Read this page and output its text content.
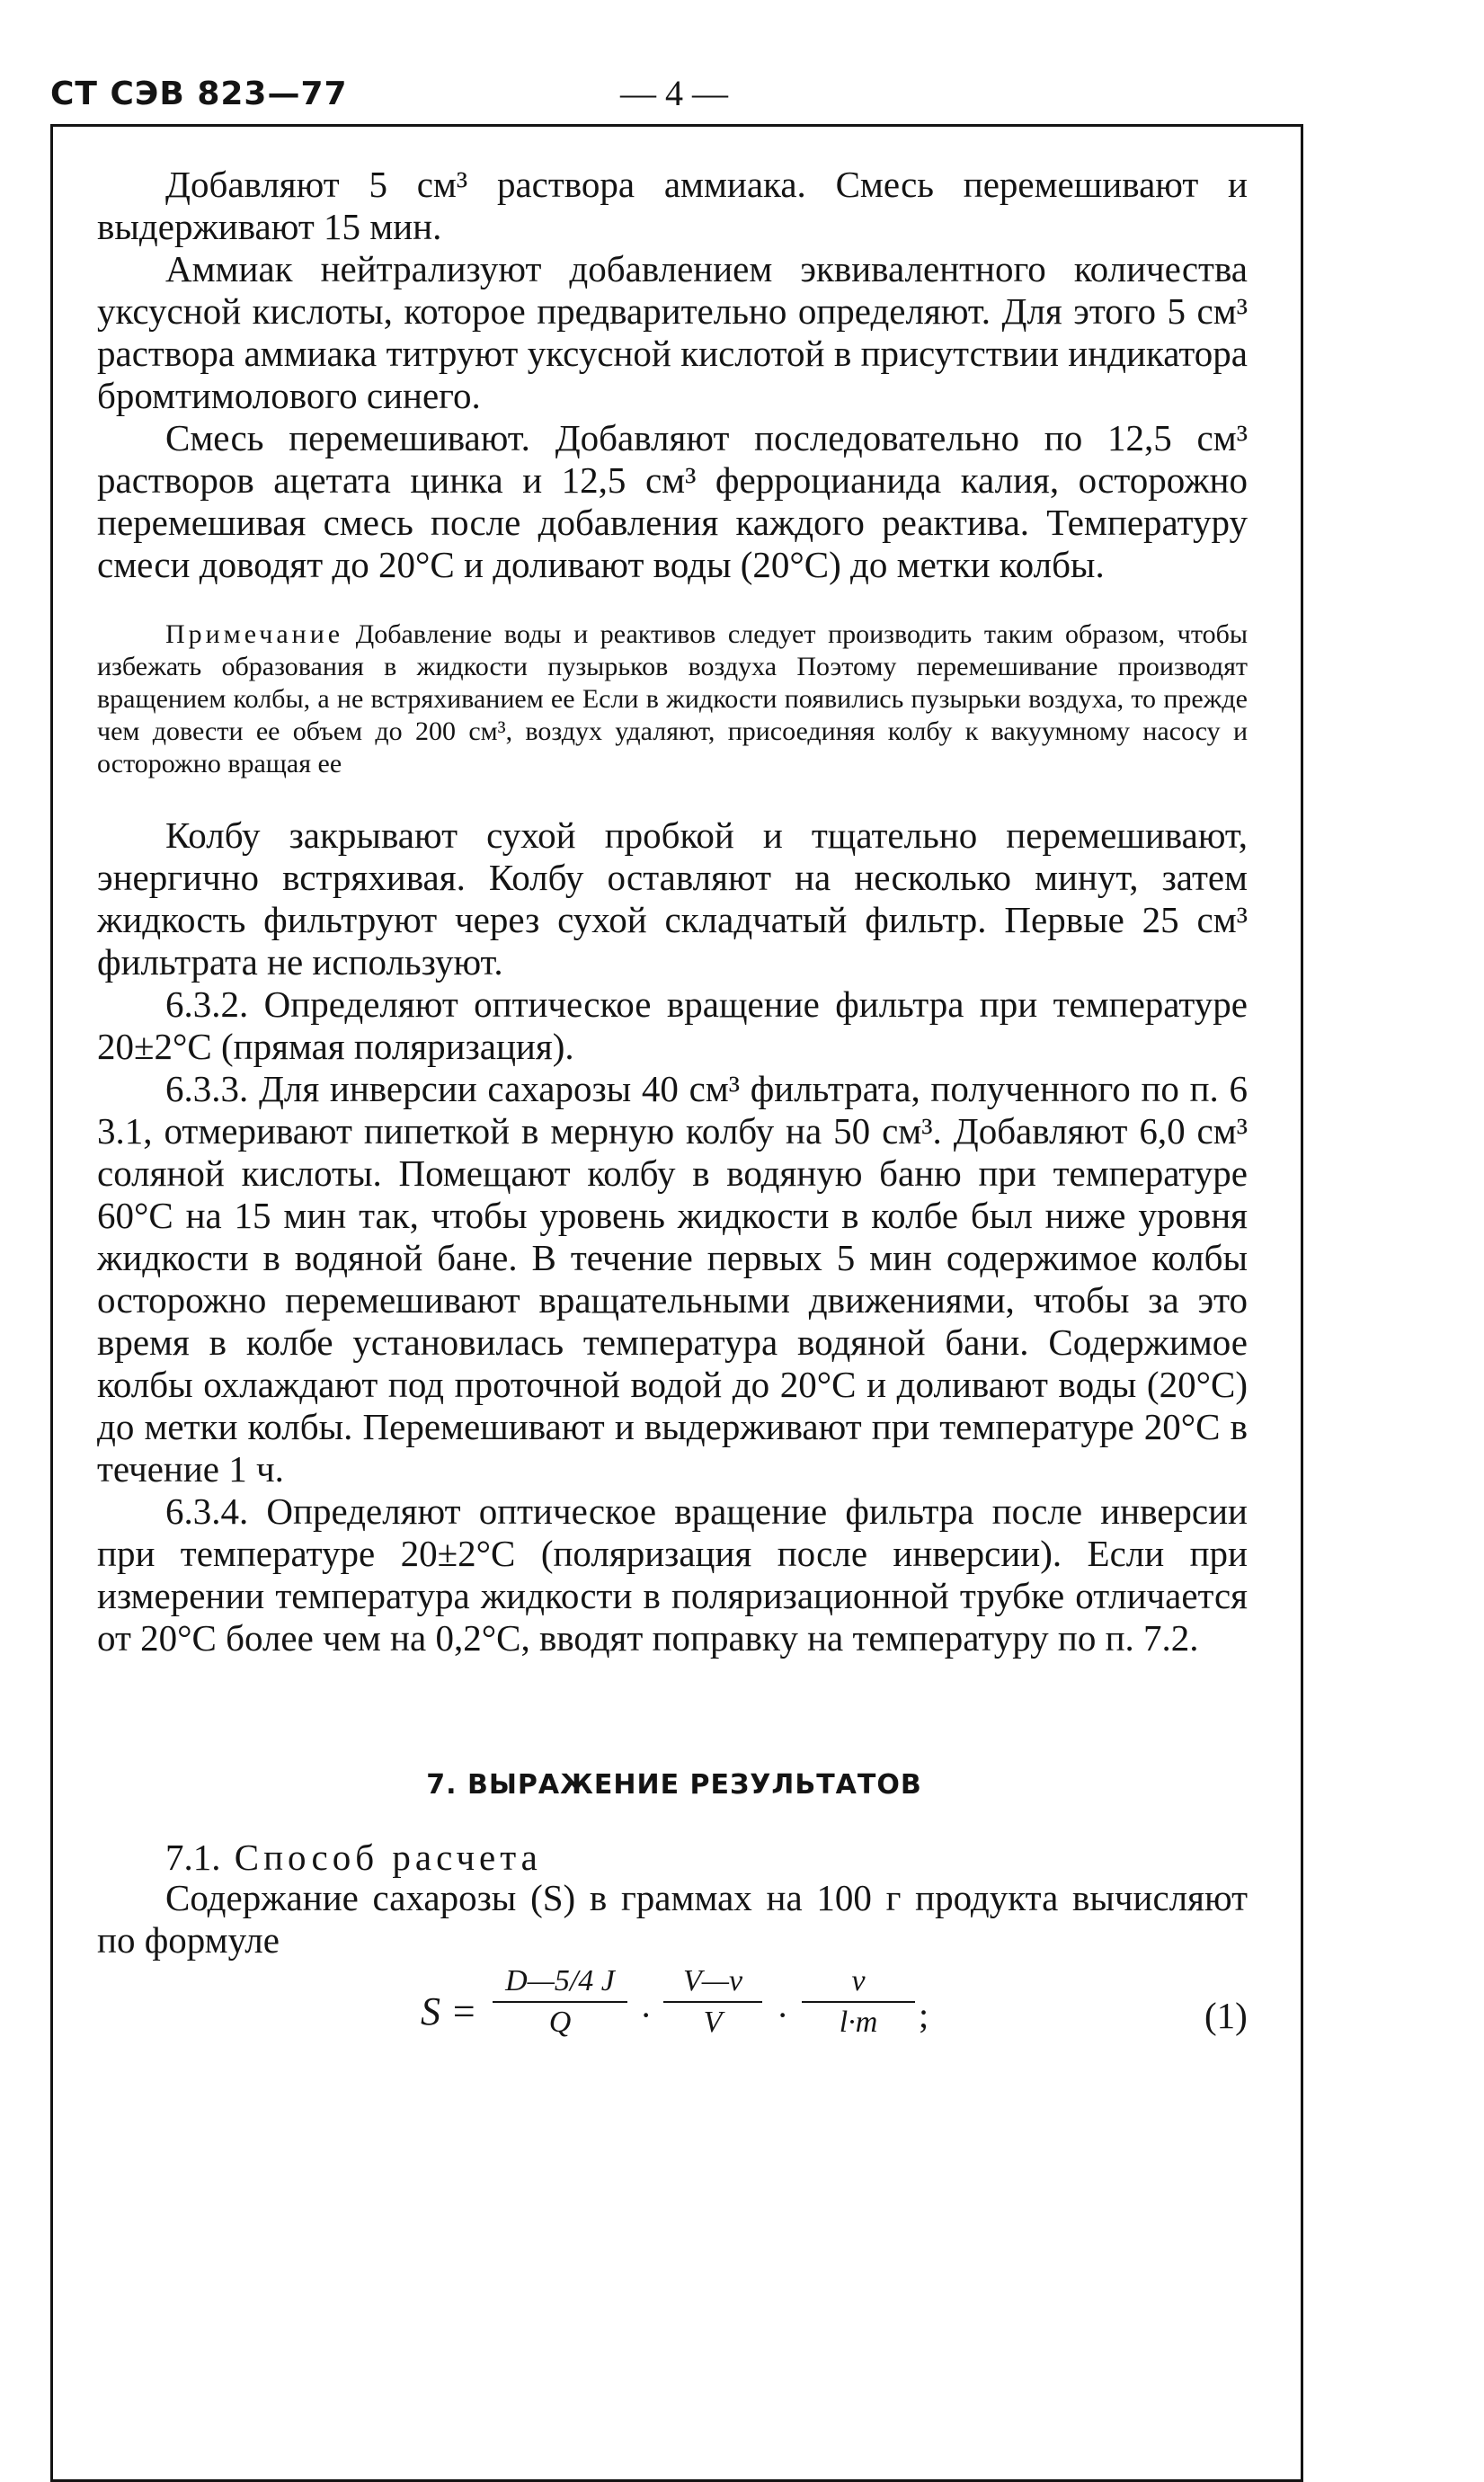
СТ СЭВ 823—77	— 4 —

Добавляют 5 см³ раствора аммиака. Смесь перемешивают и выдерживают 15 мин.

Аммиак нейтрализуют добавлением эквивалентного количества уксусной кислоты, которое предварительно определяют. Для этого 5 см³ раствора аммиака титруют уксусной кислотой в присутствии индикатора бромтимолового синего.

Смесь перемешивают. Добавляют последовательно по 12,5 см³ растворов ацетата цинка и 12,5 см³ ферроцианида калия, осторожно перемешивая смесь после добавления каждого реактива. Температуру смеси доводят до 20°C и доливают воды (20°C) до метки колбы.

Примечание Добавление воды и реактивов следует производить таким образом, чтобы избежать образования в жидкости пузырьков воздуха Поэтому перемешивание производят вращением колбы, а не встряхиванием ее Если в жидкости появились пузырьки воздуха, то прежде чем довести ее объем до 200 см³, воздух удаляют, присоединяя колбу к вакуумному насосу и осторожно вращая ее

Колбу закрывают сухой пробкой и тщательно перемешивают, энергично встряхивая. Колбу оставляют на несколько минут, затем жидкость фильтруют через сухой складчатый фильтр. Первые 25 см³ фильтрата не используют.

6.3.2. Определяют оптическое вращение фильтра при температуре 20±2°C (прямая поляризация).

6.3.3. Для инверсии сахарозы 40 см³ фильтрата, полученного по п. 6 3.1, отмеривают пипеткой в мерную колбу на 50 см³. Добавляют 6,0 см³ соляной кислоты. Помещают колбу в водяную баню при температуре 60°C на 15 мин так, чтобы уровень жидкости в колбе был ниже уровня жидкости в водяной бане. В течение первых 5 мин содержимое колбы осторожно перемешивают вращательными движениями, чтобы за это время в колбе установилась температура водяной бани. Содержимое колбы охлаждают под проточной водой до 20°C и доливают воды (20°C) до метки колбы. Перемешивают и выдерживают при температуре 20°C в течение 1 ч.

6.3.4. Определяют оптическое вращение фильтра после инверсии при температуре 20±2°C (поляризация после инверсии). Если при измерении температура жидкости в поляризационной трубке отличается от 20°C более чем на 0,2°C, вводят поправку на температуру по п. 7.2.

7. ВЫРАЖЕНИЕ РЕЗУЛЬТАТОВ
7.1. Способ расчета

Содержание сахарозы (S) в граммах на 100 г продукта вычисляют по формуле

S =
D—5/4 J
Q	·
V—v
V	·
v
l·m	;	(1)
